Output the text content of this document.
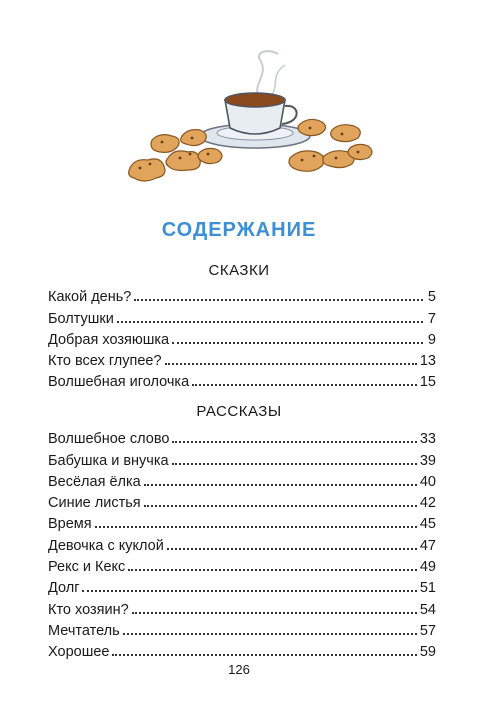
СОДЕРЖАНИЕ
СКАЗКИ
Какой день?	5
Болтушки	7
Добрая хозяюшка	9
Кто всех глупее?	13
Волшебная иголочка	15
РАССКАЗЫ
Волшебное слово	33
Бабушка и внучка	39
Весёлая ёлка	40
Синие листья	42
Время	45
Девочка с куклой	47
Рекс и Кекс	49
Долг	51
Кто хозяин?	54
Мечтатель	57
Хорошее	59
126
